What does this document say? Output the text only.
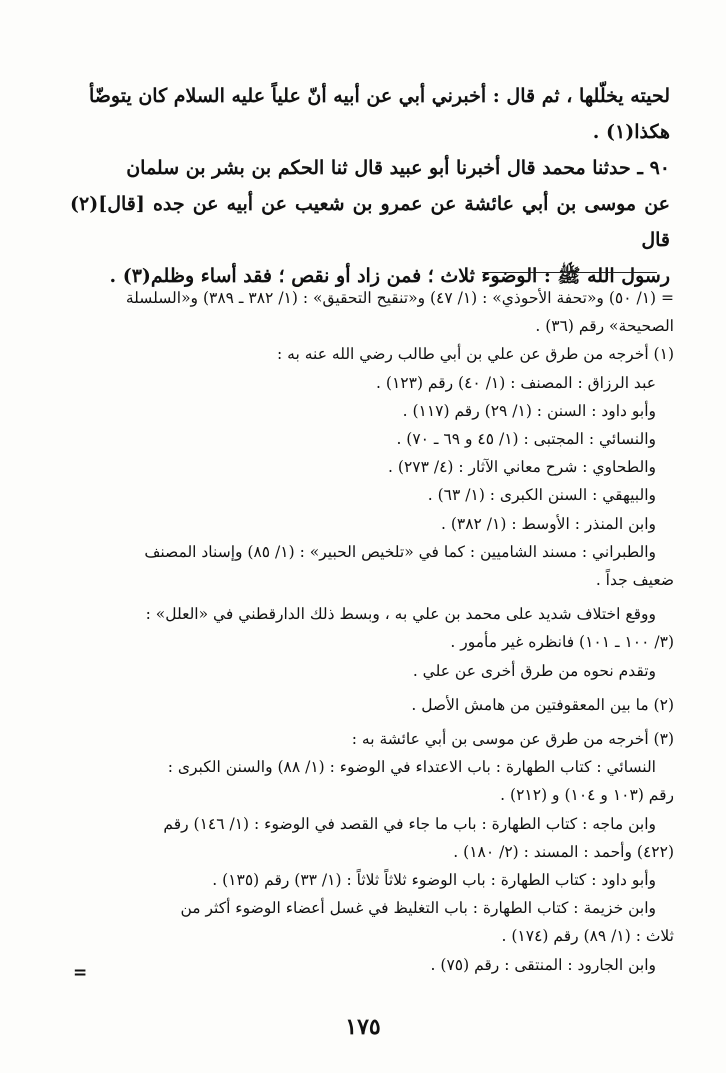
لحيته يخلّلها ، ثم قال : أخبرني أبي عن أبيه أنّ علياً عليه السلام كان يتوضّأ

هكذا(١) .

٩٠ ـ حدثنا محمد قال أخبرنا أبو عبيد قال ثنا الحكم بن بشر بن سلمان

عن موسى بن أبي عائشة عن عمرو بن شعيب عن أبيه عن جده [قال](٢) قال

رسول الله ﷺ : الوضوء ثلاث ؛ فمن زاد أو نقص ؛ فقد أساء وظلم(٣) .

= (١/ ٥٠) و«تحفة الأحوذي» : (١/ ٤٧) و«تنقيح التحقيق» : (١/ ٣٨٢ ـ ٣٨٩) و«السلسلة

الصحيحة» رقم (٣٦) .

(١) أخرجه من طرق عن علي بن أبي طالب رضي الله عنه به :

عبد الرزاق : المصنف : (١/ ٤٠) رقم (١٢٣) .

وأبو داود : السنن : (١/ ٢٩) رقم (١١٧) .

والنسائي : المجتبى : (١/ ٤٥ و ٦٩ ـ ٧٠) .

والطحاوي : شرح معاني الآثار : (٤/ ٢٧٣) .

والبيهقي : السنن الكبرى : (١/ ٦٣) .

وابن المنذر : الأوسط : (١/ ٣٨٢) .

والطبراني : مسند الشاميين : كما في «تلخيص الحبير» : (١/ ٨٥) وإسناد المصنف

ضعيف جداً .

ووقع اختلاف شديد على محمد بن علي به ، وبسط ذلك الدارقطني في «العلل» :

(٣/ ١٠٠ ـ ١٠١) فانظره غير مأمور .

وتقدم نحوه من طرق أخرى عن علي .

(٢) ما بين المعقوفتين من هامش الأصل .

(٣) أخرجه من طرق عن موسى بن أبي عائشة به :

النسائي : كتاب الطهارة : باب الاعتداء في الوضوء : (١/ ٨٨) والسنن الكبرى :

رقم (١٠٣ و ١٠٤) و (٢١٢) .

وابن ماجه : كتاب الطهارة : باب ما جاء في القصد في الوضوء : (١/ ١٤٦) رقم

(٤٢٢) وأحمد : المسند : (٢/ ١٨٠) .

وأبو داود : كتاب الطهارة : باب الوضوء ثلاثاً ثلاثاً : (١/ ٣٣) رقم (١٣٥) .

وابن خزيمة : كتاب الطهارة : باب التغليظ في غسل أعضاء الوضوء أكثر من

ثلاث : (١/ ٨٩) رقم (١٧٤) .

وابن الجارود : المنتقى : رقم (٧٥) .

=
١٧٥
